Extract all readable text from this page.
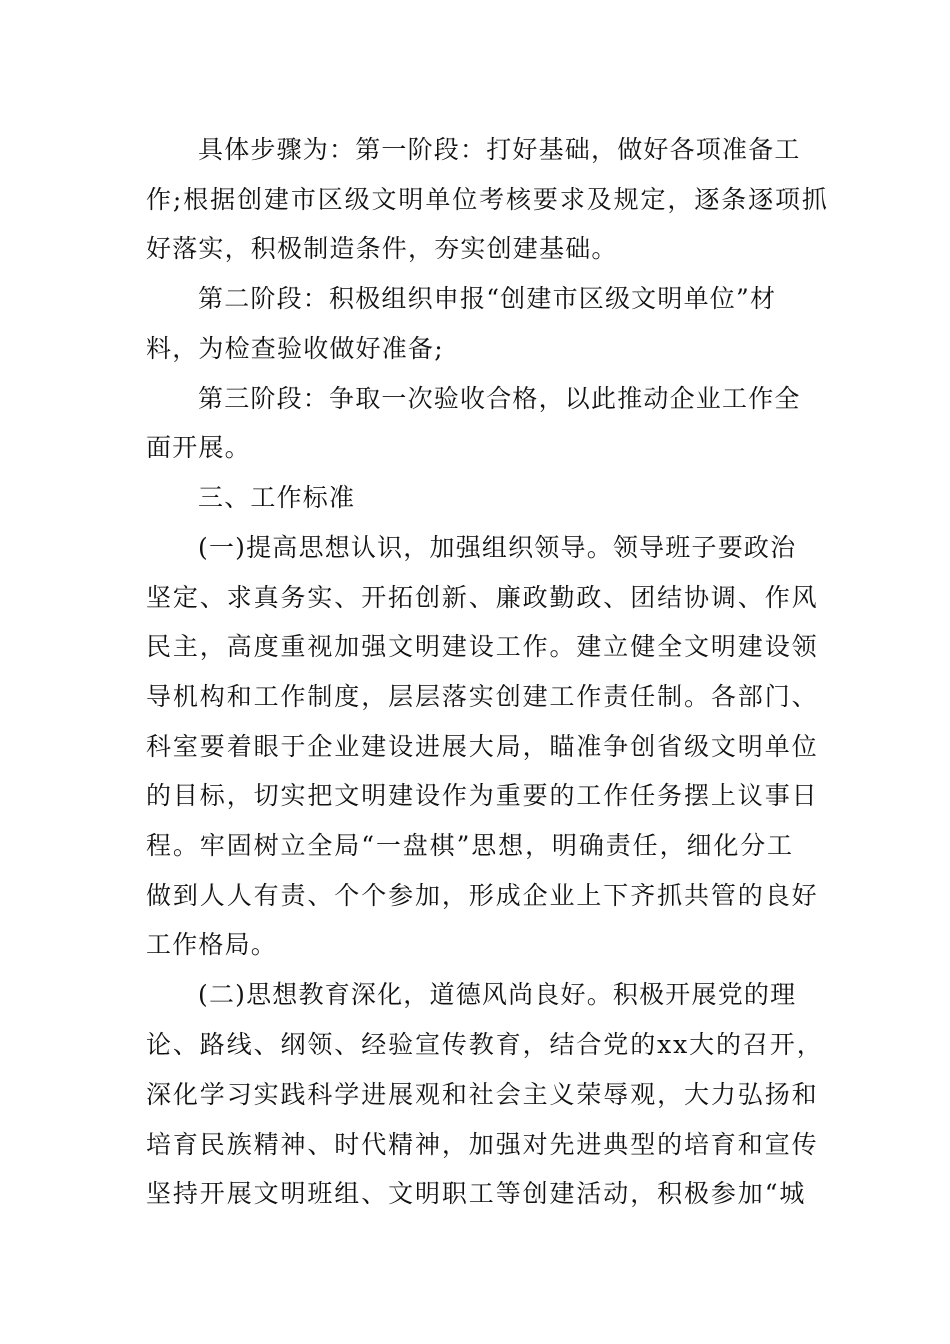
具体步骤为：第一阶段：打好基础，做好各项准备工
作;根据创建市区级文明单位考核要求及规定，逐条逐项抓
好落实，积极制造条件，夯实创建基础。
第二阶段：积极组织申报“创建市区级文明单位”材
料，为检查验收做好准备;
第三阶段：争取一次验收合格，以此推动企业工作全
面开展。
三、工作标准
(一)提高思想认识，加强组织领导。领导班子要政治
坚定、求真务实、开拓创新、廉政勤政、团结协调、作风
民主，高度重视加强文明建设工作。建立健全文明建设领
导机构和工作制度，层层落实创建工作责任制。各部门、
科室要着眼于企业建设进展大局，瞄准争创省级文明单位
的目标，切实把文明建设作为重要的工作任务摆上议事日
程。牢固树立全局“一盘棋”思想，明确责任，细化分工
做到人人有责、个个参加，形成企业上下齐抓共管的良好
工作格局。
(二)思想教育深化，道德风尚良好。积极开展党的理
论、路线、纲领、经验宣传教育，结合党的xx大的召开，
深化学习实践科学进展观和社会主义荣辱观，大力弘扬和
培育民族精神、时代精神，加强对先进典型的培育和宣传
坚持开展文明班组、文明职工等创建活动，积极参加“城
